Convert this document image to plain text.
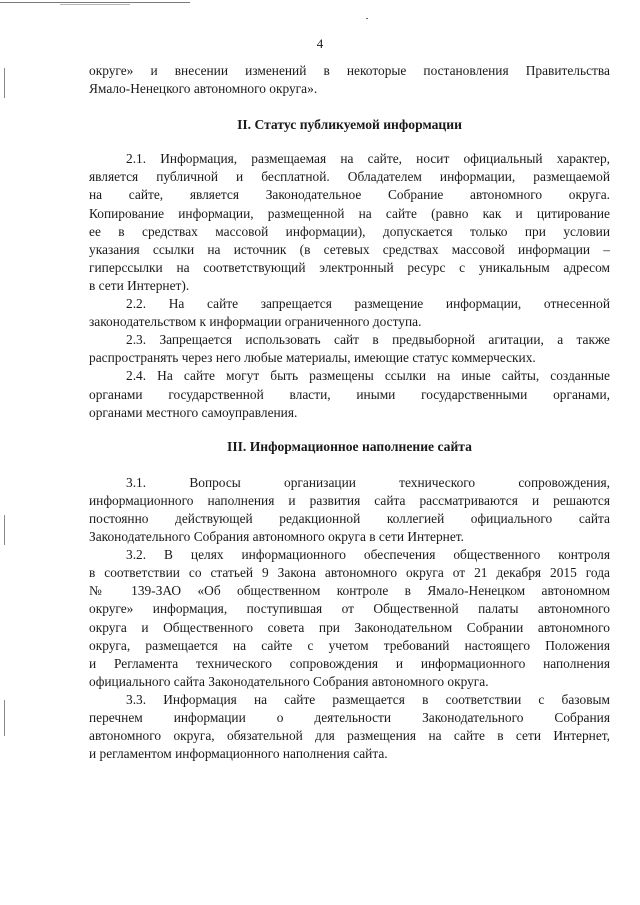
4

округе» и внесении изменений в некоторые постановления Правительства

Ямало-Ненецкого автономного округа».

II. Статус публикуемой информации

2.1. Информация, размещаемая на сайте, носит официальный характер,

является публичной и бесплатной. Обладателем информации, размещаемой

на сайте, является Законодательное Собрание автономного округа.

Копирование информации, размещенной на сайте (равно как и цитирование

ее в средствах массовой информации), допускается только при условии

указания ссылки на источник (в сетевых средствах массовой информации –

гиперссылки на соответствующий электронный ресурс с уникальным адресом

в сети Интернет).

2.2. На сайте запрещается размещение информации, отнесенной

законодательством к информации ограниченного доступа.

2.3. Запрещается использовать сайт в предвыборной агитации, а также

распространять через него любые материалы, имеющие статус коммерческих.

2.4. На сайте могут быть размещены ссылки на иные сайты, созданные

органами государственной власти, иными государственными органами,

органами местного самоуправления.

III. Информационное наполнение сайта

3.1. Вопросы организации технического сопровождения,

информационного наполнения и развития сайта рассматриваются и решаются

постоянно действующей редакционной коллегией официального сайта

Законодательного Собрания автономного округа в сети Интернет.

3.2. В целях информационного обеспечения общественного контроля

в соответствии со статьей 9 Закона автономного округа от 21 декабря 2015 года

№ 139-ЗАО «Об общественном контроле в Ямало-Ненецком автономном

округе» информация, поступившая от Общественной палаты автономного

округа и Общественного совета при Законодательном Собрании автономного

округа, размещается на сайте с учетом требований настоящего Положения

и Регламента технического сопровождения и информационного наполнения

официального сайта Законодательного Собрания автономного округа.

3.3. Информация на сайте размещается в соответствии с базовым

перечнем информации о деятельности Законодательного Собрания

автономного округа, обязательной для размещения на сайте в сети Интернет,

и регламентом информационного наполнения сайта.
